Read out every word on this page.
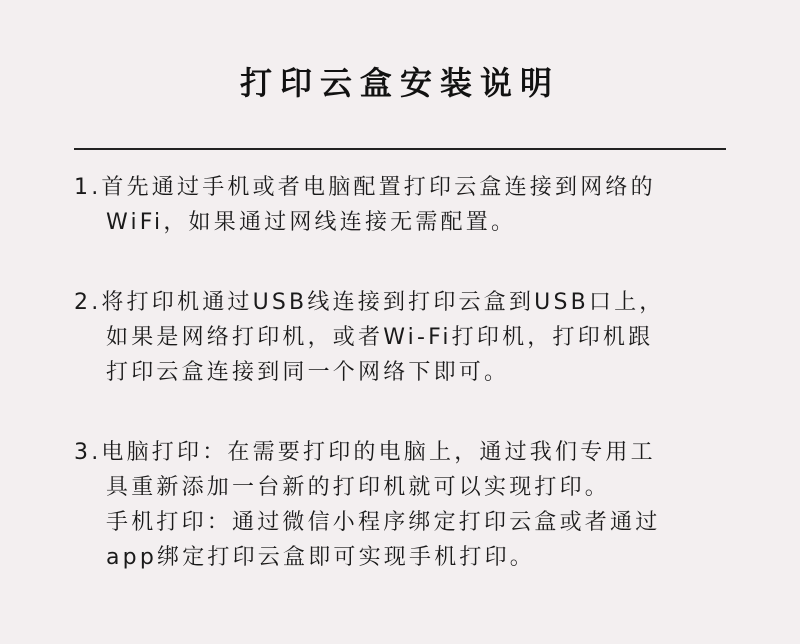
打印云盒安装说明
1.首先通过手机或者电脑配置打印云盒连接到网络的
WiFi，如果通过网线连接无需配置。
2.将打印机通过USB线连接到打印云盒到USB口上，
如果是网络打印机，或者Wi-Fi打印机，打印机跟
打印云盒连接到同一个网络下即可。
3.电脑打印：在需要打印的电脑上，通过我们专用工
具重新添加一台新的打印机就可以实现打印。
手机打印：通过微信小程序绑定打印云盒或者通过
app绑定打印云盒即可实现手机打印。
